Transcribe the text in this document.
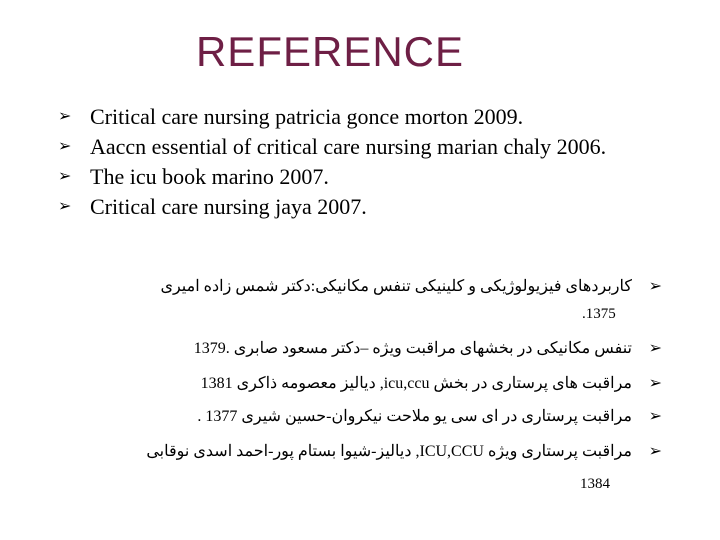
REFERENCE
➢ Critical care nursing patricia gonce morton 2009.
➢ Aaccn essential of critical care nursing marian chaly 2006.
➢ The icu book marino 2007.
➢ Critical care nursing jaya 2007.
➢
کاربردهای فیزیولوژیکی و کلینیکی تنفس مکانیکی:دکتر شمس زاده امیری
.1375
➢
تنفس مکانیکی در بخشهای مراقبت ویژه –دکتر مسعود صابری .1379
➢
مراقبت های پرستاری در بخش icu,ccu, دیالیز معصومه ذاکری 1381
➢
مراقبت پرستاری در ای سی یو ملاحت نیکروان-حسین شیری 1377 .
➢
مراقبت پرستاری ویژه ICU,CCU, دیالیز-شیوا بستام پور-احمد اسدی نوقابی
1384
